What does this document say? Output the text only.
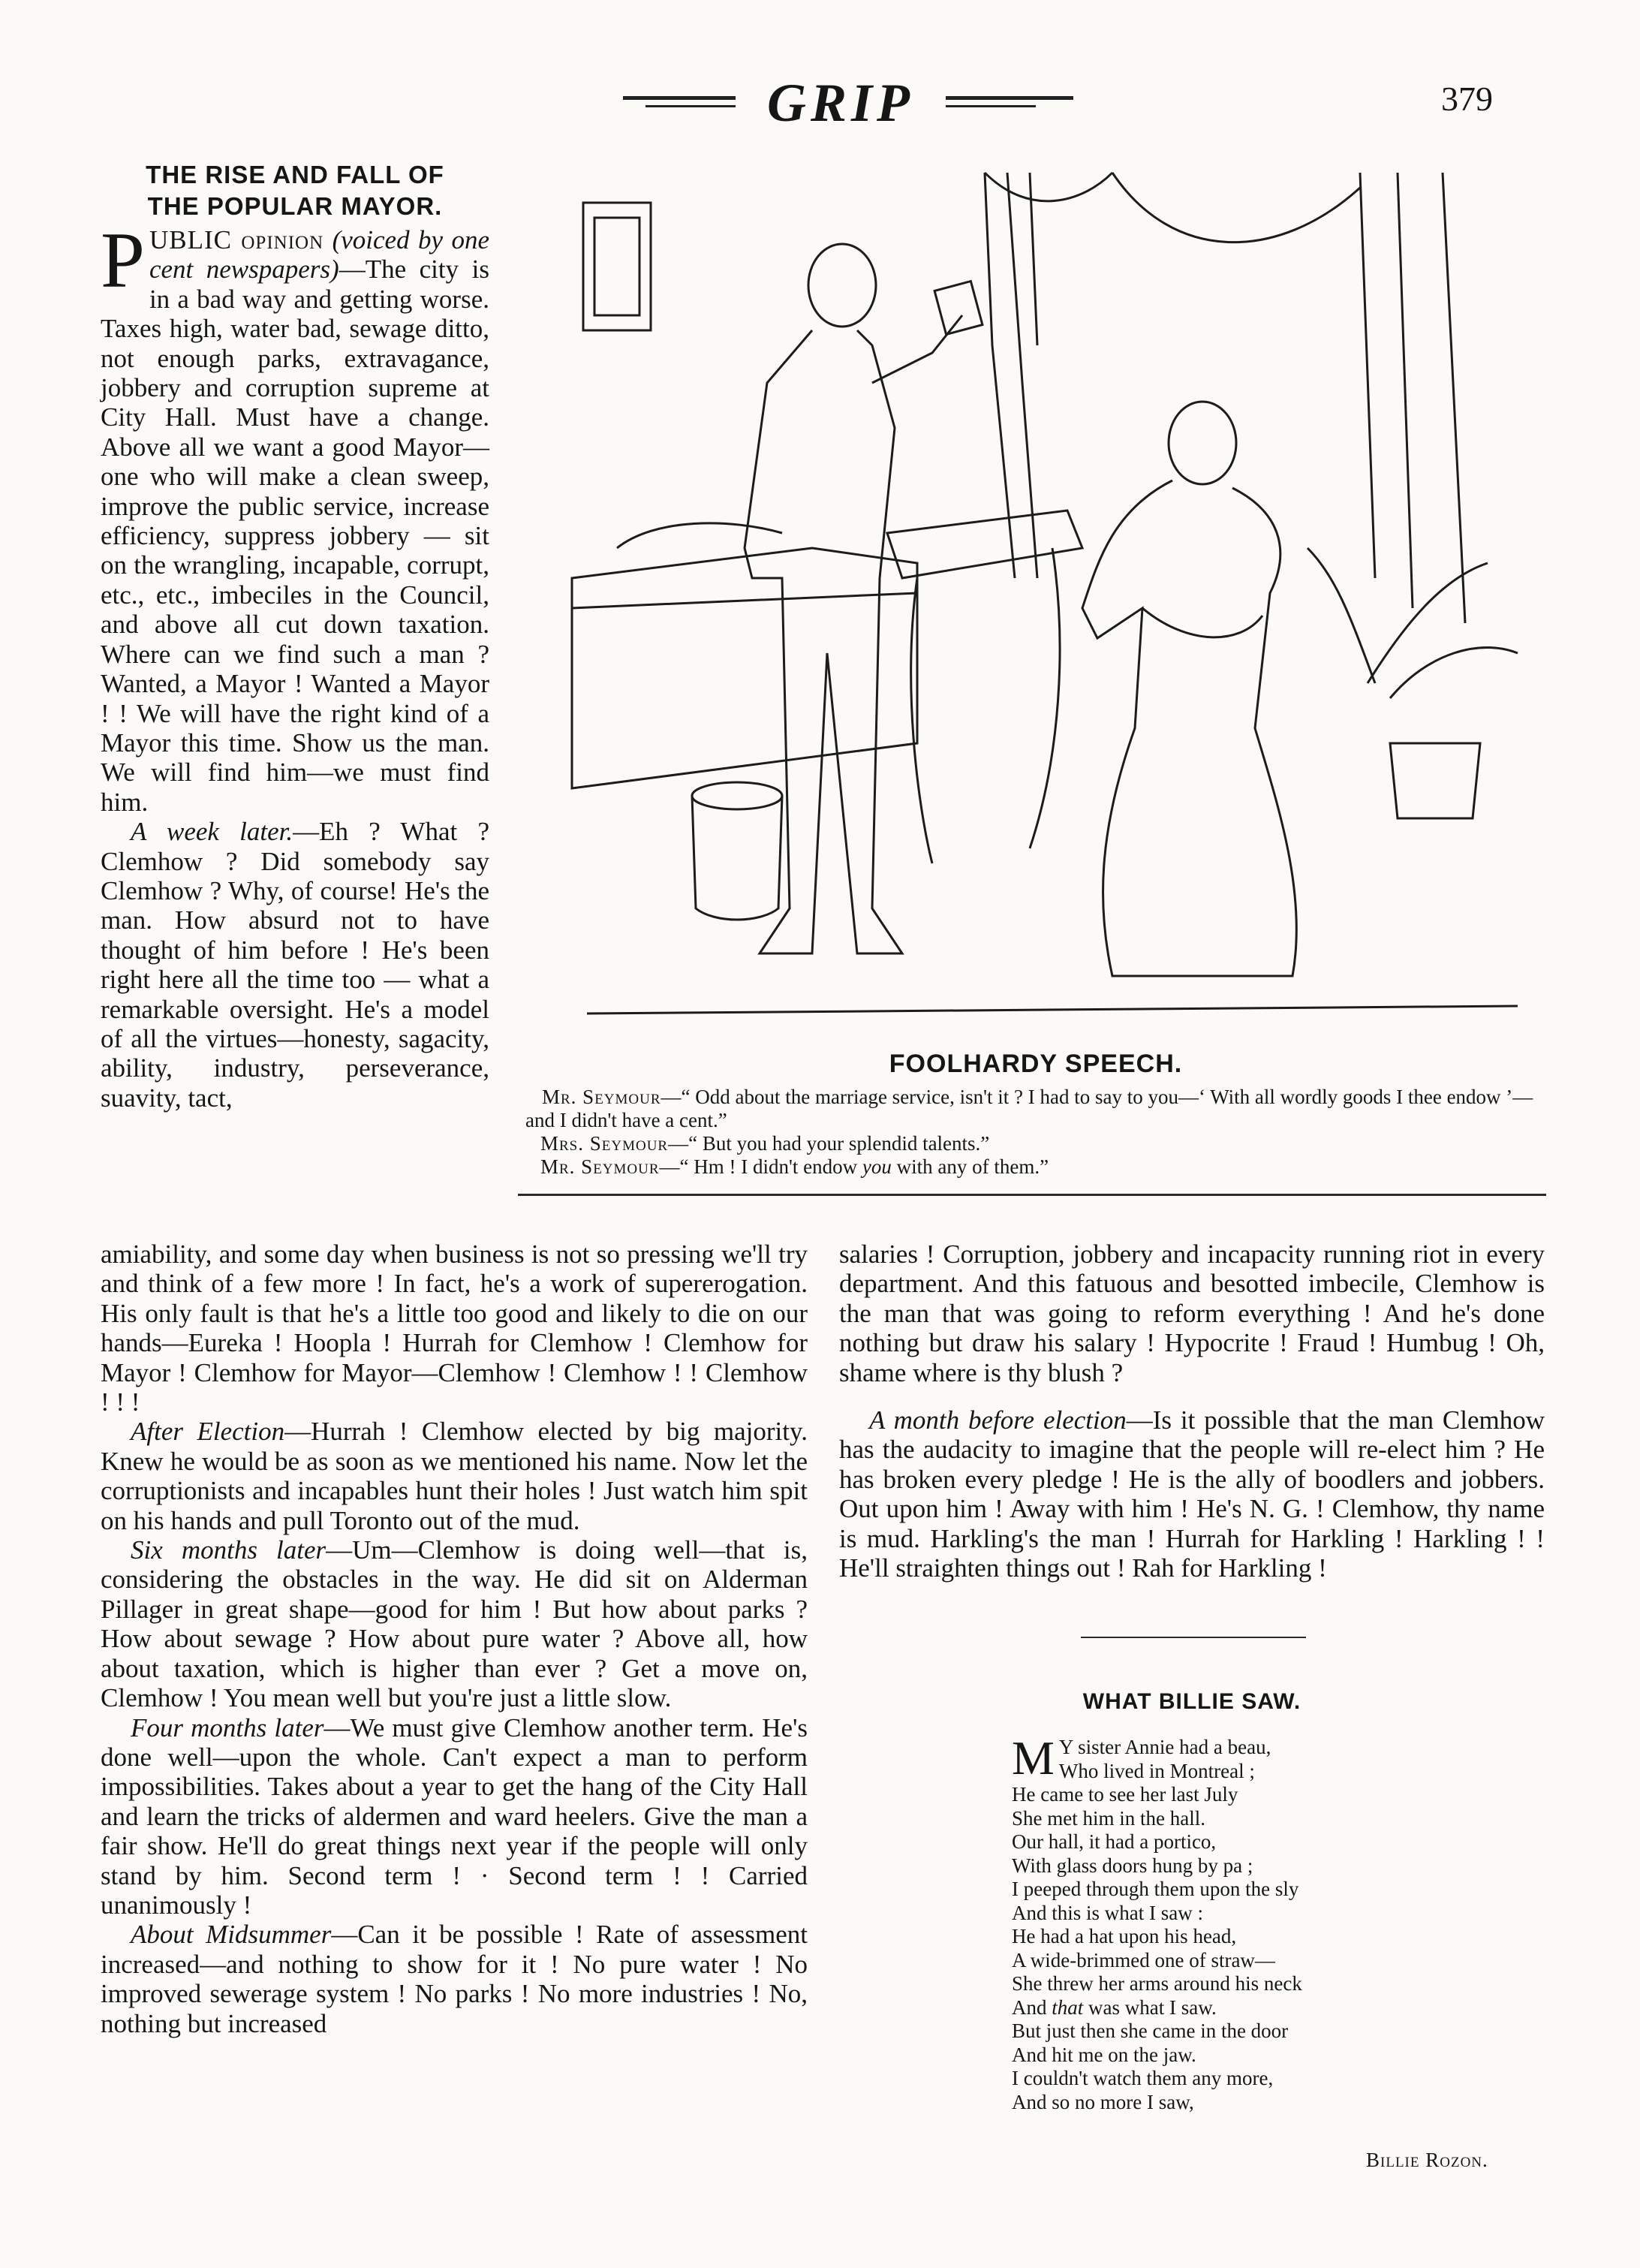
GRIP	379
THE RISE AND FALL OF
THE POPULAR MAYOR.

PUBLIC opinion (voiced by one cent newspapers)—The city is in a bad way and getting worse. Taxes high, water bad, sewage ditto, not enough parks, extravagance, jobbery and corruption supreme at City Hall. Must have a change. Above all we want a good Mayor—one who will make a clean sweep, improve the public service, increase efficiency, suppress jobbery — sit on the wrangling, incapable, corrupt, etc., etc., imbeciles in the Council, and above all cut down taxation. Where can we find such a man ? Wanted, a Mayor ! Wanted a Mayor ! ! We will have the right kind of a Mayor this time. Show us the man. We will find him—we must find him.

A week later.—Eh ? What ? Clemhow ? Did somebody say Clemhow ? Why, of course! He's the man. How absurd not to have thought of him before ! He's been right here all the time too — what a remarkable oversight. He's a model of all the virtues—honesty, sagacity, ability, industry, perseverance, suavity, tact,

amiability, and some day when business is not so pressing we'll try and think of a few more ! In fact, he's a work of supererogation. His only fault is that he's a little too good and likely to die on our hands—Eureka ! Hoopla ! Hurrah for Clemhow ! Clemhow for Mayor ! Clemhow for Mayor—Clemhow ! Clemhow ! ! Clemhow ! ! !

After Election—Hurrah ! Clemhow elected by big majority. Knew he would be as soon as we mentioned his name. Now let the corruptionists and incapables hunt their holes ! Just watch him spit on his hands and pull Toronto out of the mud.

Six months later—Um—Clemhow is doing well—that is, considering the obstacles in the way. He did sit on Alderman Pillager in great shape—good for him ! But how about parks ? How about sewage ? How about pure water ? Above all, how about taxation, which is higher than ever ? Get a move on, Clemhow ! You mean well but you're just a little slow.

Four months later—We must give Clemhow another term. He's done well—upon the whole. Can't expect a man to perform impossibilities. Takes about a year to get the hang of the City Hall and learn the tricks of aldermen and ward heelers. Give the man a fair show. He'll do great things next year if the people will only stand by him. Second term ! · Second term ! ! Carried unanimously !

About Midsummer—Can it be possible ! Rate of assessment increased—and nothing to show for it ! No pure water ! No improved sewerage system ! No parks ! No more industries ! No, nothing but increased

salaries ! Corruption, jobbery and incapacity running riot in every department. And this fatuous and besotted imbecile, Clemhow is the man that was going to reform everything ! And he's done nothing but draw his salary ! Hypocrite ! Fraud ! Humbug ! Oh, shame where is thy blush ?

A month before election—Is it possible that the man Clemhow has the audacity to imagine that the people will re-elect him ? He has broken every pledge ! He is the ally of boodlers and jobbers. Out upon him ! Away with him ! He's N. G. ! Clemhow, thy name is mud. Harkling's the man ! Hurrah for Harkling ! Harkling ! ! He'll straighten things out ! Rah for Harkling !

FOOLHARDY SPEECH.

Mr. Seymour—“ Odd about the marriage service, isn't it ? I had to say to you—‘ With all wordly goods I thee endow ’—and I didn't have a cent.”

Mrs. Seymour—“ But you had your splendid talents.”

Mr. Seymour—“ Hm ! I didn't endow you with any of them.”

WHAT BILLIE SAW.
M Y sister Annie had a beau,
Who lived in Montreal ;
He came to see her last July
She met him in the hall.
Our hall, it had a portico,
With glass doors hung by pa ;
I peeped through them upon the sly
And this is what I saw :
He had a hat upon his head,
A wide-brimmed one of straw—
She threw her arms around his neck
And that was what I saw.
But just then she came in the door
And hit me on the jaw.
I couldn't watch them any more,
And so no more I saw,
Billie Rozon.
